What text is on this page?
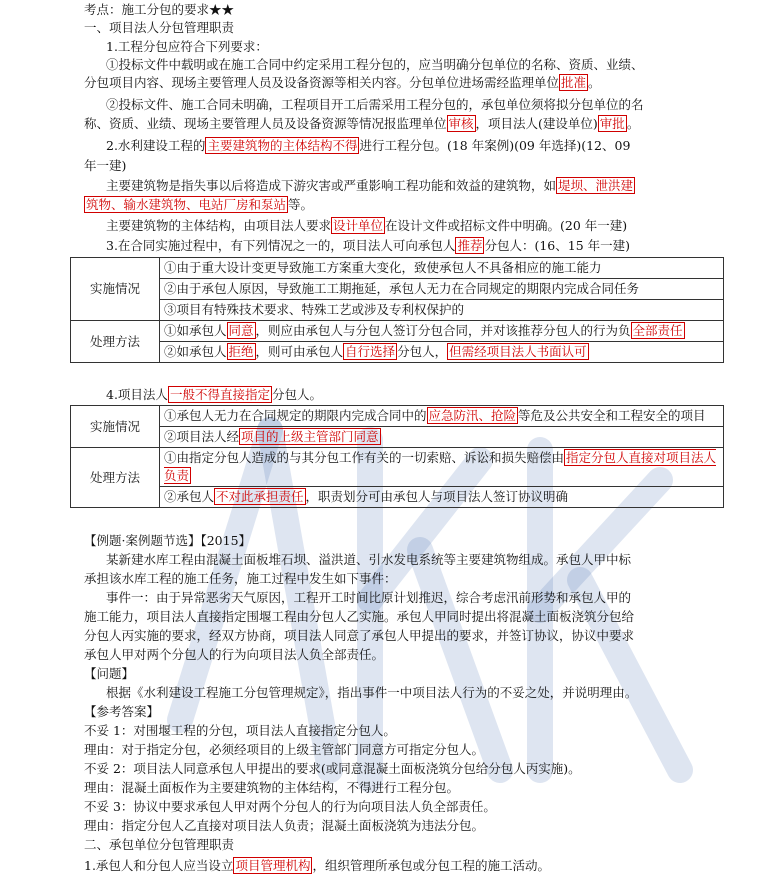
考点：施工分包的要求★★
一、项目法人分包管理职责
1.工程分包应符合下列要求：
①投标文件中载明或在施工合同中约定采用工程分包的，应当明确分包单位的名称、资质、业绩、
分包项目内容、现场主要管理人员及设备资源等相关内容。分包单位进场需经监理单位 批准 。
②投标文件、施工合同未明确，工程项目开工后需采用工程分包的，承包单位须将拟分包单位的名
称、资质、业绩、现场主要管理人员及设备资源等情况报监理单位 审核 ，项目法人(建设单位) 审批 。
2.水利建设工程的 主要建筑物的主体结构不得 进行工程分包。(18 年案例)(09 年选择)(12、09
年一建)
主要建筑物是指失事以后将造成下游灾害或严重影响工程功能和效益的建筑物，如 堤坝、泄洪建
筑物、输水建筑物、电站厂房和泵站 等。
主要建筑物的主体结构，由项目法人要求 设计单位 在设计文件或招标文件中明确。(20 年一建)
3.在合同实施过程中，有下列情况之一的，项目法人可向承包人 推荐 分包人：(16、15 年一建)
实施情况	①由于重大设计变更导致施工方案重大变化，致使承包人不具备相应的施工能力
	②由于承包人原因，导致施工工期拖延，承包人无力在合同规定的期限内完成合同任务
	③项目有特殊技术要求、特殊工艺或涉及专利权保护的
处理方法	①如承包人 同意 ，则应由承包人与分包人签订分包合同，并对该推荐分包人的行为负 全部责任
	②如承包人 拒绝 ，则可由承包人 自行选择 分包人， 但需经项目法人书面认可
4.项目法人 一般不得直接指定 分包人。
实施情况	①承包人无力在合同规定的期限内完成合同中的 应急防汛、抢险 等危及公共安全和工程安全的项目
	②项目法人经 项目的上级主管部门同意
处理方法	①由指定分包人造成的与其分包工作有关的一切索赔、诉讼和损失赔偿由 指定分包人直接对项目法人负责
	②承包人 不对此承担责任 ，职责划分可由承包人与项目法人签订协议明确
【例题·案例题节选】【2015】
某新建水库工程由混凝土面板堆石坝、溢洪道、引水发电系统等主要建筑物组成。承包人甲中标
承担该水库工程的施工任务，施工过程中发生如下事件：
事件一：由于异常恶劣天气原因，工程开工时间比原计划推迟，综合考虑汛前形势和承包人甲的
施工能力，项目法人直接指定围堰工程由分包人乙实施。承包人甲同时提出将混凝土面板浇筑分包给
分包人丙实施的要求，经双方协商，项目法人同意了承包人甲提出的要求，并签订协议，协议中要求
承包人甲对两个分包人的行为向项目法人负全部责任。
【问题】
根据《水利建设工程施工分包管理规定》，指出事件一中项目法人行为的不妥之处，并说明理由。
【参考答案】
不妥 1：对围堰工程的分包，项目法人直接指定分包人。
理由：对于指定分包，必须经项目的上级主管部门同意方可指定分包人。
不妥 2：项目法人同意承包人甲提出的要求(或同意混凝土面板浇筑分包给分包人丙实施)。
理由：混凝土面板作为主要建筑物的主体结构，不得进行工程分包。
不妥 3：协议中要求承包人甲对两个分包人的行为向项目法人负全部责任。
理由：指定分包人乙直接对项目法人负责；混凝土面板浇筑为违法分包。
二、承包单位分包管理职责
1.承包人和分包人应当设立 项目管理机构 ，组织管理所承包或分包工程的施工活动。
